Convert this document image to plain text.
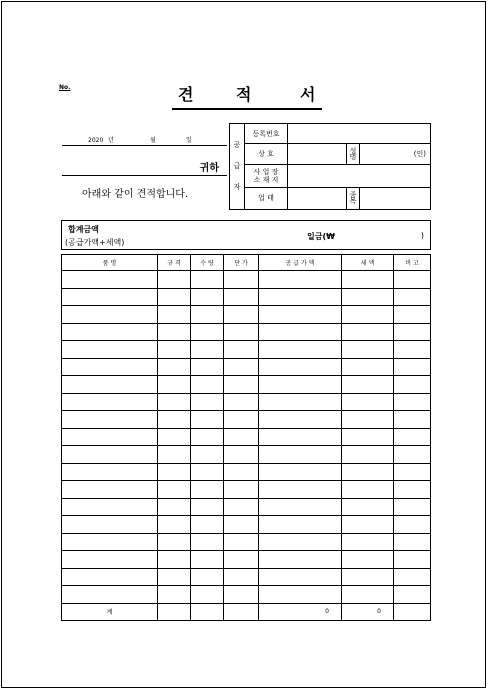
No.	견	적	서
2020 년	월	일
귀하
아래와 같이 견적합니다.
공
급
자	등록번호			
	상 호		성명	(인)

	사 업 장
소 재 지			

	업 태		종목	
합계금액
(공급가액+세액)
일금(₩	)
품 명	규 격	수 량	단 가	공 급 가 액	세 액	비 고

계				0	0	
